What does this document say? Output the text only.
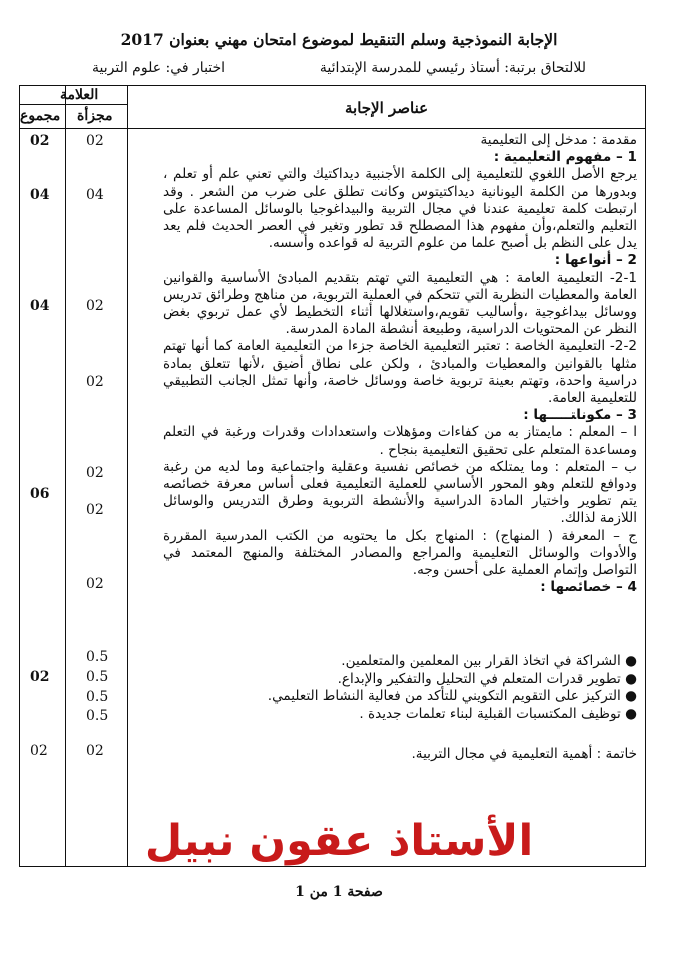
الإجابة النموذجية وسلم التنقيط لموضوع امتحان مهني بعنوان 2017
للالتحاق برتبة: أستاذ رئيسي للمدرسة الإبتدائية
اختبار في: علوم التربية
العلامة
مجزأة
مجموع	عناصر الإجابة
02
02
04
04
02
04
02
02
06
02
02
0.5
0.5
02
0.5
0.5
02
02

مقدمة : مدخل إلى التعليمية

1 – مفهوم التعليمية :

يرجع الأصل اللغوي للتعليمية إلى الكلمة الأجنبية ديداكتيك والتي تعني علم أو تعلم ، وبدورها من الكلمة اليونانية ديداكتيتوس وكانت تطلق على ضرب من الشعر . وقد ارتبطت كلمة تعليمية عندنا في مجال التربية والبيداغوجيا بالوسائل المساعدة على التعليم والتعلم،وأن مفهوم هذا المصطلح قد تطور وتغير في العصر الحديث فلم يعد يدل على النظم بل أصبح علما من علوم التربية له قواعده وأسسه.

2 – أنواعها :

2-1- التعليمية العامة : هي التعليمية التي تهتم بتقديم المبادئ الأساسية والقوانين العامة والمعطيات النظرية التي تتحكم في العملية التربوية، من مناهج وطرائق تدريس ووسائل بيداغوجية ،وأساليب تقويم،واستغلالها أثناء التخطيط لأي عمل تربوي بغض النظر عن المحتويات الدراسية، وطبيعة أنشطة المادة المدرسة.

2-2- التعليمية الخاصة : تعتبر التعليمية الخاصة جزءا من التعليمية العامة كما أنها تهتم مثلها بالقوانين والمعطيات والمبادئ ، ولكن على نطاق أضيق ،لأنها تتعلق بمادة دراسية واحدة، وتهتم بعينة تربوية خاصة ووسائل خاصة، وأنها تمثل الجانب التطبيقي للتعليمية العامة.

3 – مكونا‍تـــــها :

ا – المعلم : مايمتاز به من كفاءات ومؤهلات واستعدادات وقدرات ورغبة في التعلم ومساعدة المتعلم على تحقيق التعليمية بنجاح .

ب – المتعلم : وما يمتلكه من خصائص نفسية وعقلية واجتماعية وما لديه من رغبة ودوافع للتعلم وهو المحور الأساسي للعملية التعليمية فعلى أساس معرفة خصائصه يتم تطوير واختيار المادة الدراسية والأنشطة التربوية وطرق التدريس والوسائل اللازمة لذالك.

ج – المعرفة ( المنهاج) : المنهاج بكل ما يحتويه من الكتب المدرسية المقررة والأدوات والوسائل التعليمية والمراجع والمصادر المختلفة والمنهج المعتمد في التواصل وإتمام العملية على أحسن وجه.

4 – خصائصها :

● الشراكة في اتخاذ القرار بين المعلمين والمتعلمين.
● تطوير قدرات المتعلم في التحليل والتفكير والإبداع.
● التركيز على التقويم التكويني للتأكد من فعالية النشاط التعليمي.
● توظيف المكتسبات القبلية لبناء تعلمات جديدة .

خاتمة : أهمية التعليمية في مجال التربية.

الأستاذ عقون نبيل
صفحة 1 من 1
